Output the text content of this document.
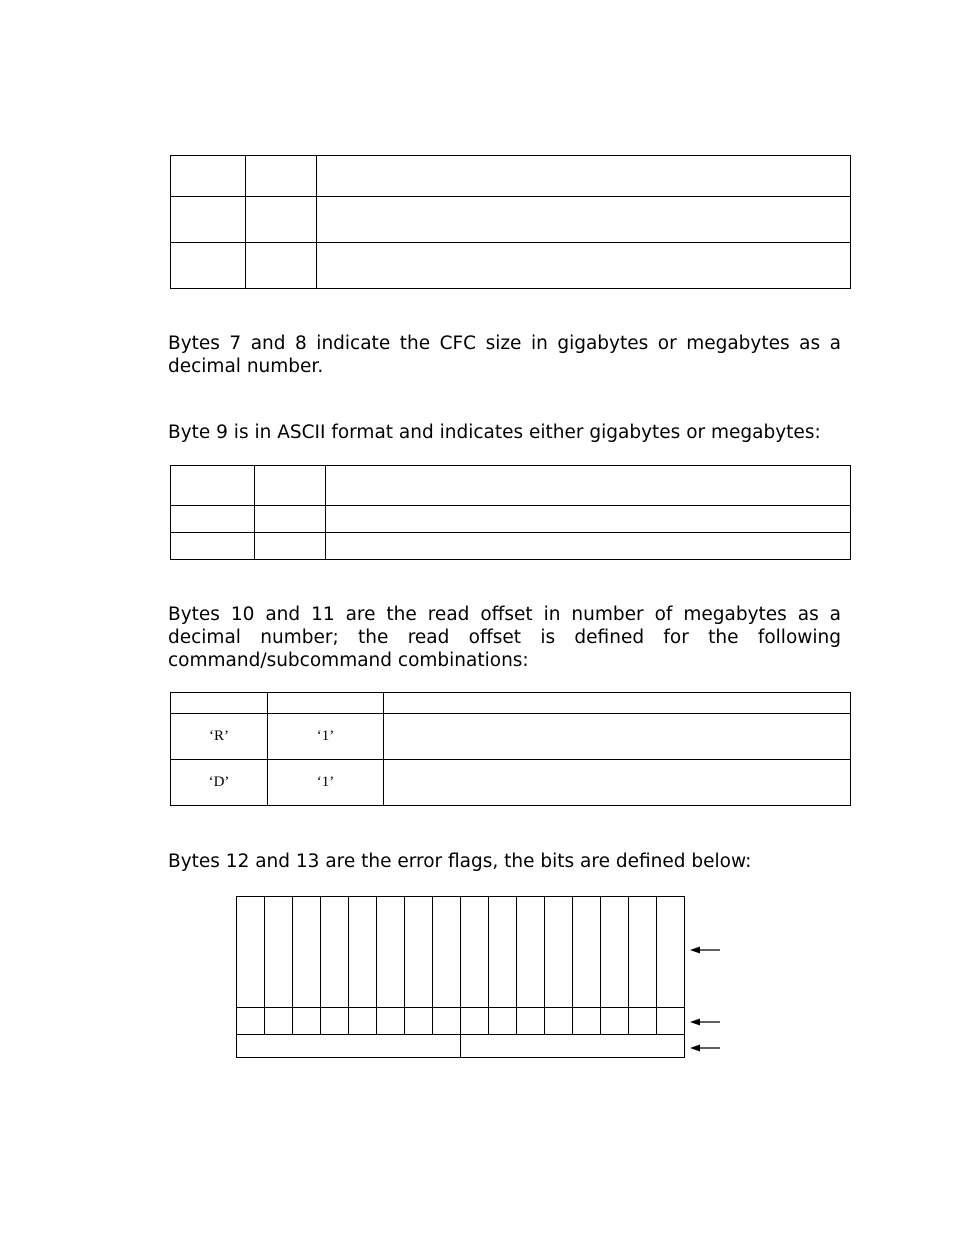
Bytes 7 and 8 indicate the CFC size in gigabytes or megabytes as a decimal number.

Byte 9 is in ASCII format and indicates either gigabytes or megabytes:

Bytes 10 and 11 are the read offset in number of megabytes as a decimal number; the read offset is defined for the following command/subcommand combinations:

‘R’	‘1’	
‘D’	‘1’	

Bytes 12 and 13 are the error flags, the bits are defined below:
